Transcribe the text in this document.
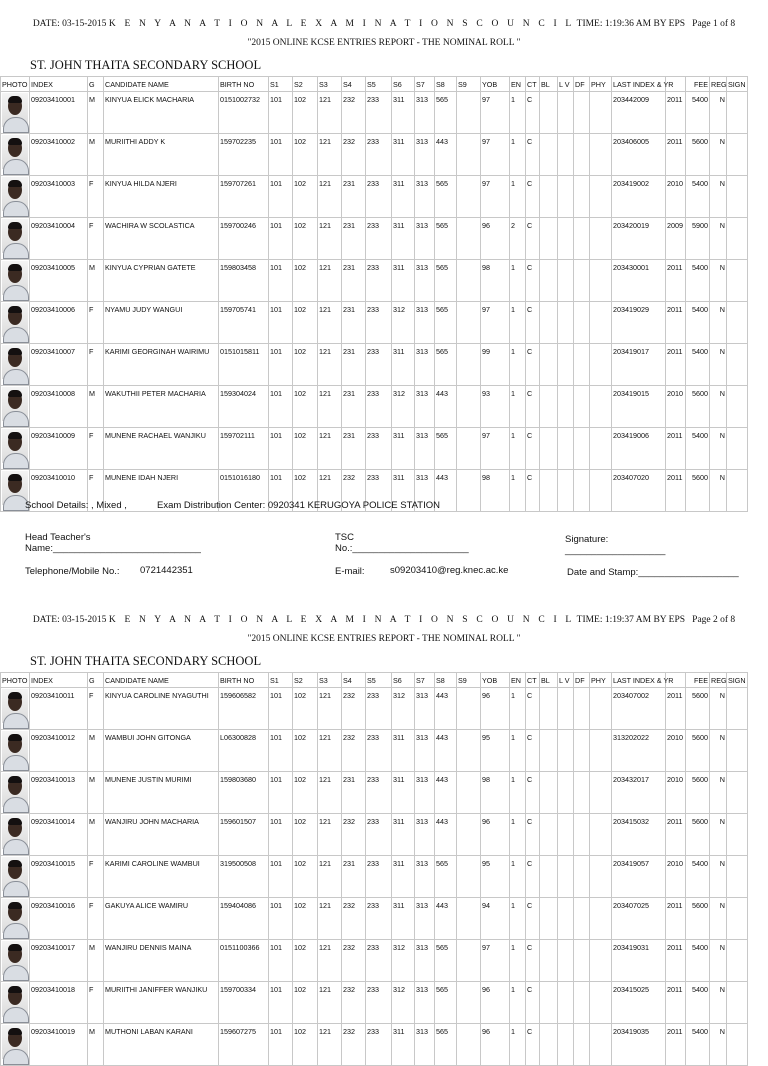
DATE: 03-15-2015 K E N Y A N A T I O N A L E X A M I N A T I O N S C O U N C I L TIME: 1:19:36 AM BY EPS Page 1 of 8
"2015 ONLINE KCSE ENTRIES REPORT - THE NOMINAL ROLL "
ST. JOHN THAITA SECONDARY SCHOOL
PHOTO	INDEX	G	CANDIDATE NAME	BIRTH NO	S1	S2	S3	S4	S5	S6	S7	S8	S9	YOB	EN	CT	BL	L V	DF	PHY	LAST INDEX & YR		FEE	REG	SIGN

	09203410001	M	KINYUA ELICK MACHARIA	0151002732	101	102	121	232	233	311	313	565		97	1	C					203442009	2011	5400	N	

	09203410002	M	MURIITHI ADDY K	159702235	101	102	121	232	233	311	313	443		97	1	C					203406005	2011	5600	N	

	09203410003	F	KINYUA HILDA NJERI	159707261	101	102	121	231	233	311	313	565		97	1	C					203419002	2010	5400	N	

	09203410004	F	WACHIRA W SCOLASTICA	159700246	101	102	121	231	233	311	313	565		96	2	C					203420019	2009	5900	N	

	09203410005	M	KINYUA CYPRIAN GATETE	159803458	101	102	121	231	233	311	313	565		98	1	C					203430001	2011	5400	N	

	09203410006	F	NYAMU JUDY WANGUI	159705741	101	102	121	231	233	312	313	565		97	1	C					203419029	2011	5400	N	

	09203410007	F	KARIMI GEORGINAH WAIRIMU	0151015811	101	102	121	231	233	311	313	565		99	1	C					203419017	2011	5400	N	

	09203410008	M	WAKUTHII PETER MACHARIA	159304024	101	102	121	231	233	312	313	443		93	1	C					203419015	2010	5600	N	

	09203410009	F	MUNENE RACHAEL WANJIKU	159702111	101	102	121	231	233	311	313	565		97	1	C					203419006	2011	5400	N	

	09203410010	F	MUNENE IDAH NJERI	0151016180	101	102	121	232	233	311	313	443		98	1	C					203407020	2011	5600	N	
School Details: , Mixed ,	Exam Distribution Center: 0920341 KERUGOYA POLICE STATION
Head Teacher's
Name:____________________________
TSC
No.:______________________
Signature:
___________________
Telephone/Mobile No.: 0721442351	E-mail:	s09203410@reg.knec.ac.ke	Date and Stamp:___________________
DATE: 03-15-2015 K E N Y A N A T I O N A L E X A M I N A T I O N S C O U N C I L TIME: 1:19:37 AM BY EPS Page 2 of 8
"2015 ONLINE KCSE ENTRIES REPORT - THE NOMINAL ROLL "
ST. JOHN THAITA SECONDARY SCHOOL
PHOTO	INDEX	G	CANDIDATE NAME	BIRTH NO	S1	S2	S3	S4	S5	S6	S7	S8	S9	YOB	EN	CT	BL	L V	DF	PHY	LAST INDEX & YR		FEE	REG	SIGN

	09203410011	F	KINYUA CAROLINE NYAGUTHI	159606582	101	102	121	232	233	312	313	443		96	1	C					203407002	2011	5600	N	

	09203410012	M	WAMBUI JOHN GITONGA	L06300828	101	102	121	232	233	311	313	443		95	1	C					313202022	2010	5600	N	

	09203410013	M	MUNENE JUSTIN MURIMI	159803680	101	102	121	231	233	311	313	443		98	1	C					203432017	2010	5600	N	

	09203410014	M	WANJIRU JOHN MACHARIA	159601507	101	102	121	232	233	311	313	443		96	1	C					203415032	2011	5600	N	

	09203410015	F	KARIMI CAROLINE WAMBUI	319500508	101	102	121	231	233	311	313	565		95	1	C					203419057	2010	5400	N	

	09203410016	F	GAKUYA ALICE WAMIRU	159404086	101	102	121	232	233	311	313	443		94	1	C					203407025	2011	5600	N	

	09203410017	M	WANJIRU DENNIS MAINA	0151100366	101	102	121	232	233	312	313	565		97	1	C					203419031	2011	5400	N	

	09203410018	F	MURIITHI JANIFFER WANJIKU	159700334	101	102	121	232	233	312	313	565		96	1	C					203415025	2011	5400	N	

	09203410019	M	MUTHONI LABAN KARANI	159607275	101	102	121	232	233	311	313	565		96	1	C					203419035	2011	5400	N	
